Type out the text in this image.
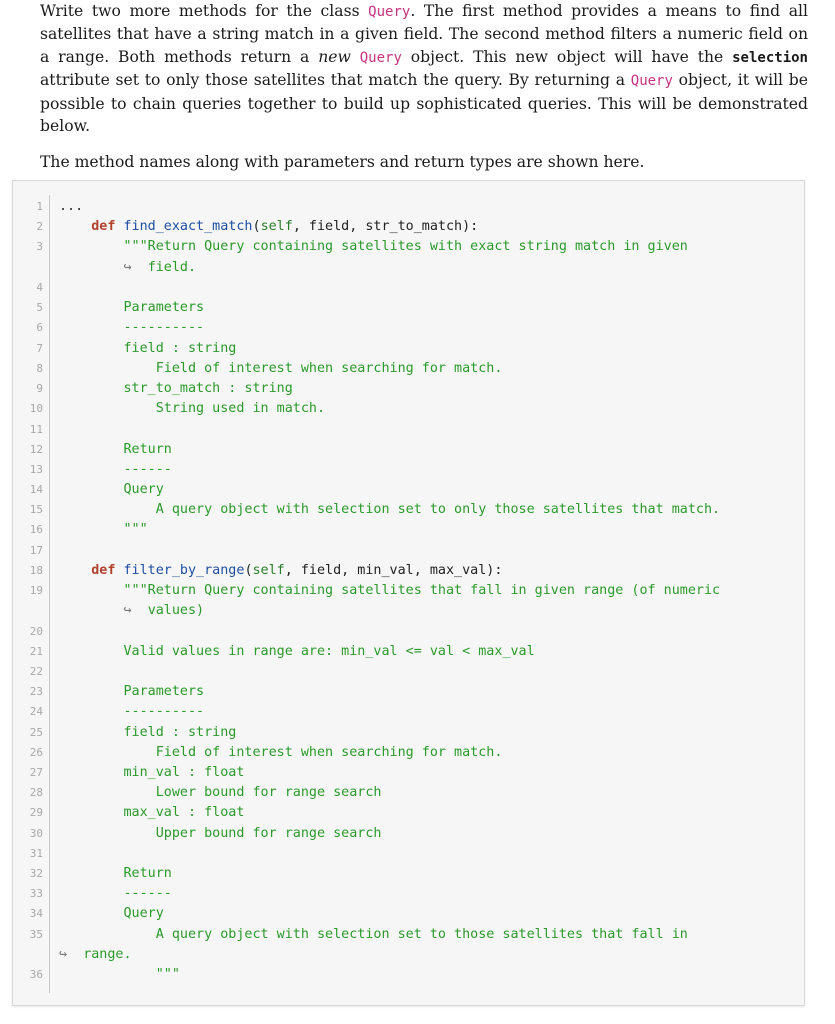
Write two more methods for the class Query. The first method provides a means to find all satellites that have a string match in a given field. The second method filters a numeric field on a range. Both methods return a new Query object. This new object will have the selection attribute set to only those satellites that match the query. By returning a Query object, it will be possible to chain queries together to build up sophisticated queries. This will be demonstrated below.

The method names along with parameters and return types are shown here.

1
2
3
4
5
6
7
8
9
10
11
12
13
14
15
16
17
18
19
20
21
22
23
24
25
26
27
28
29
30
31
32
33
34
35
36
...
def find_exact_match(self, field, str_to_match):
"""Return Query containing satellites with exact string match in given
↪ field.
Parameters
----------
field : string
Field of interest when searching for match.
str_to_match : string
String used in match.
Return
------
Query
A query object with selection set to only those satellites that match.
"""
def filter_by_range(self, field, min_val, max_val):
"""Return Query containing satellites that fall in given range (of numeric
↪ values)
Valid values in range are: min_val <= val < max_val
Parameters
----------
field : string
Field of interest when searching for match.
min_val : float
Lower bound for range search
max_val : float
Upper bound for range search
Return
------
Query
A query object with selection set to those satellites that fall in
↪ range.
"""
